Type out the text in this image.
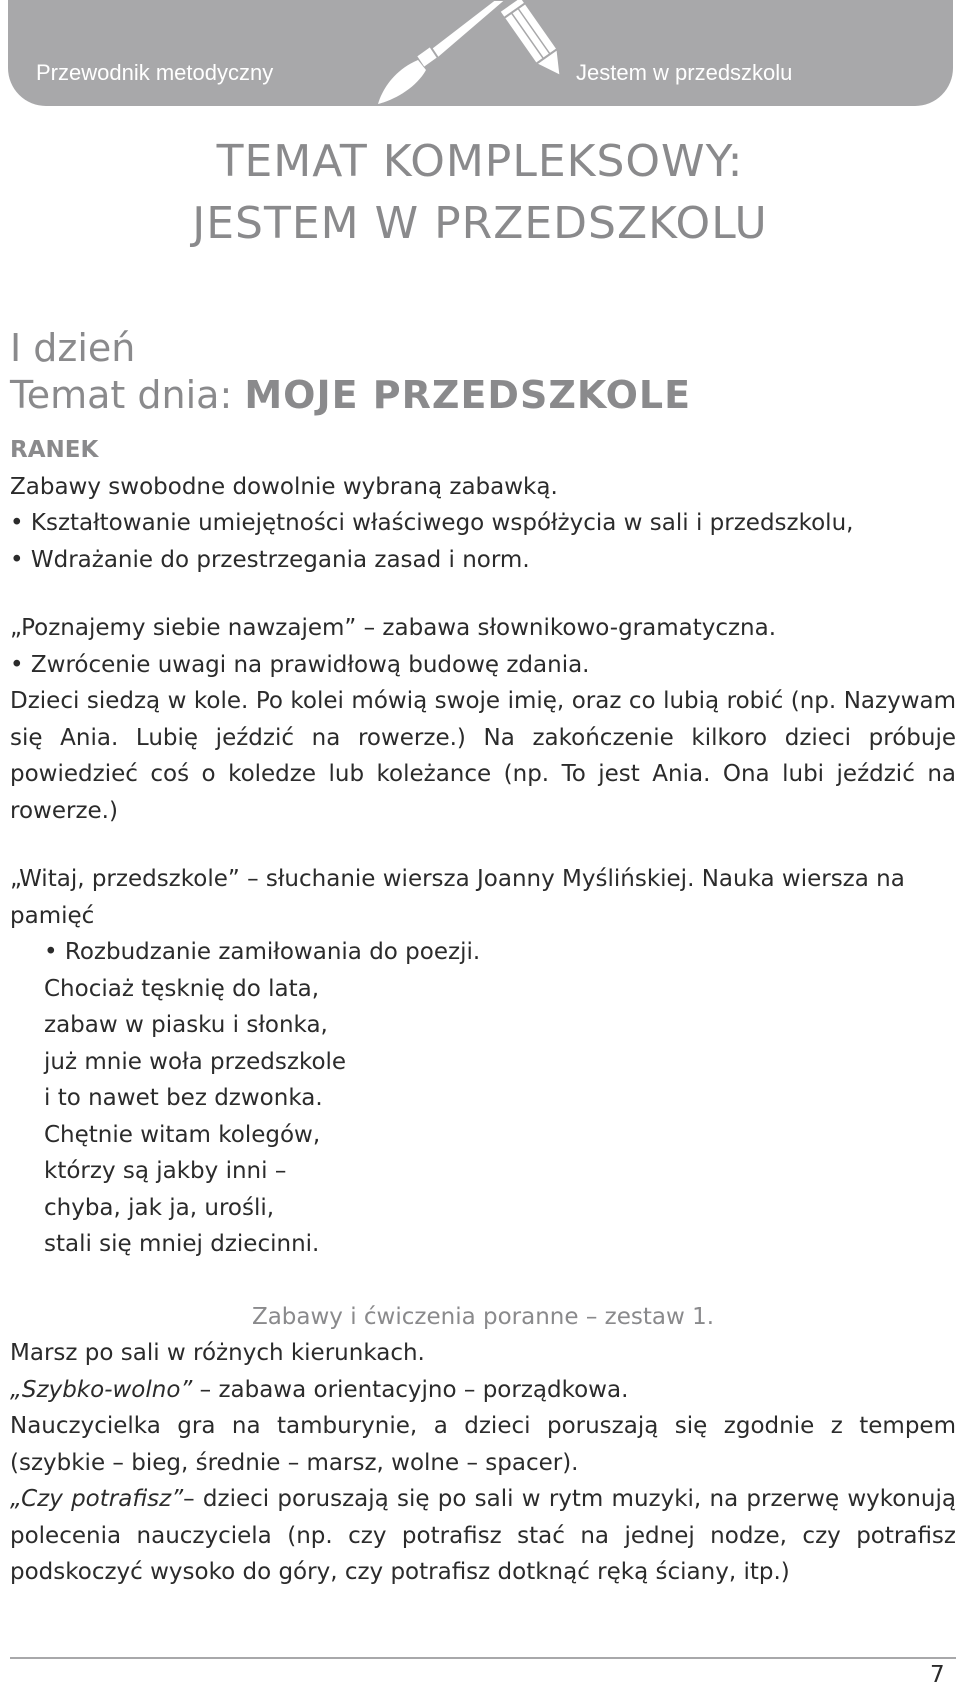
Przewodnik metodyczny	Jestem w przedszkolu
TEMAT KOMPLEKSOWY:
JESTEM W PRZEDSZKOLU
I dzień
Temat dnia: MOJE PRZEDSZKOLE

RANEK

Zabawy swobodne dowolnie wybraną zabawką.

• Kształtowanie umiejętności właściwego współżycia w sali i przedszkolu,

• Wdrażanie do przestrzegania zasad i norm.

„Poznajemy siebie nawzajem” – zabawa słownikowo-gramatyczna.

• Zwrócenie uwagi na prawidłową budowę zdania.

Dzieci siedzą w kole. Po kolei mówią swoje imię, oraz co lubią robić (np. Nazywam się Ania. Lubię jeździć na rowerze.) Na zakończenie kilkoro dzieci próbuje powiedzieć coś o koledze lub koleżance (np. To jest Ania. Ona lubi jeździć na rowerze.)

„Witaj, przedszkole” – słuchanie wiersza Joanny Myślińskiej. Nauka wiersza na pamięć

• Rozbudzanie zamiłowania do poezji.

Chociaż tęsknię do lata,

zabaw w piasku i słonka,

już mnie woła przedszkole

i to nawet bez dzwonka.

Chętnie witam kolegów,

którzy są jakby inni –

chyba, jak ja, urośli,

stali się mniej dziecinni.

Zabawy i ćwiczenia poranne – zestaw 1.

Marsz po sali w różnych kierunkach.

„Szybko-wolno” – zabawa orientacyjno – porządkowa.

Nauczycielka gra na tamburynie, a dzieci poruszają się zgodnie z tempem (szybkie – bieg, średnie – marsz, wolne – spacer).

„Czy potrafisz”– dzieci poruszają się po sali w rytm muzyki, na przerwę wykonują polecenia nauczyciela (np. czy potrafisz stać na jednej nodze, czy potrafisz podskoczyć wysoko do góry, czy potrafisz dotknąć ręką ściany, itp.)

7
